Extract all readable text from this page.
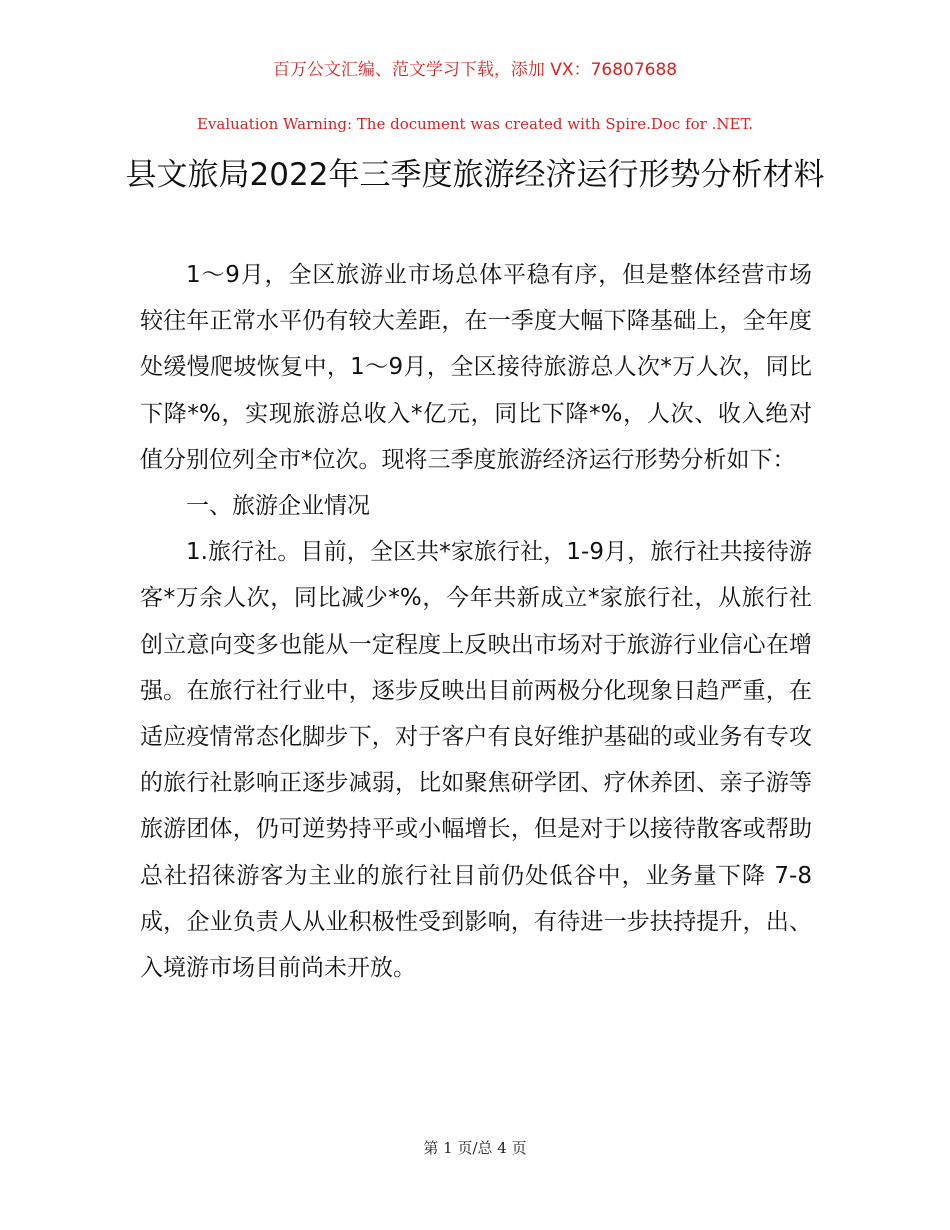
百万公文汇编、范文学习下载，添加 VX：76807688
Evaluation Warning: The document was created with Spire.Doc for .NET.
县文旅局2022年三季度旅游经济运行形势分析材料

1～9月，全区旅游业市场总体平稳有序，但是整体经营市场较往年正常水平仍有较大差距，在一季度大幅下降基础上，全年度处缓慢爬坡恢复中，1～9月，全区接待旅游总人次*万人次，同比下降*%，实现旅游总收入*亿元，同比下降*%，人次、收入绝对值分别位列全市*位次。现将三季度旅游经济运行形势分析如下：

一、旅游企业情况

1.旅行社。目前，全区共*家旅行社，1-9月，旅行社共接待游客*万余人次，同比减少*%，今年共新成立*家旅行社，从旅行社创立意向变多也能从一定程度上反映出市场对于旅游行业信心在增强。在旅行社行业中，逐步反映出目前两极分化现象日趋严重，在适应疫情常态化脚步下，对于客户有良好维护基础的或业务有专攻的旅行社影响正逐步减弱，比如聚焦研学团、疗休养团、亲子游等旅游团体，仍可逆势持平或小幅增长，但是对于以接待散客或帮助总社招徕游客为主业的旅行社目前仍处低谷中，业务量下降 7-8 成，企业负责人从业积极性受到影响，有待进一步扶持提升，出、入境游市场目前尚未开放。

第 1 页/总 4 页
